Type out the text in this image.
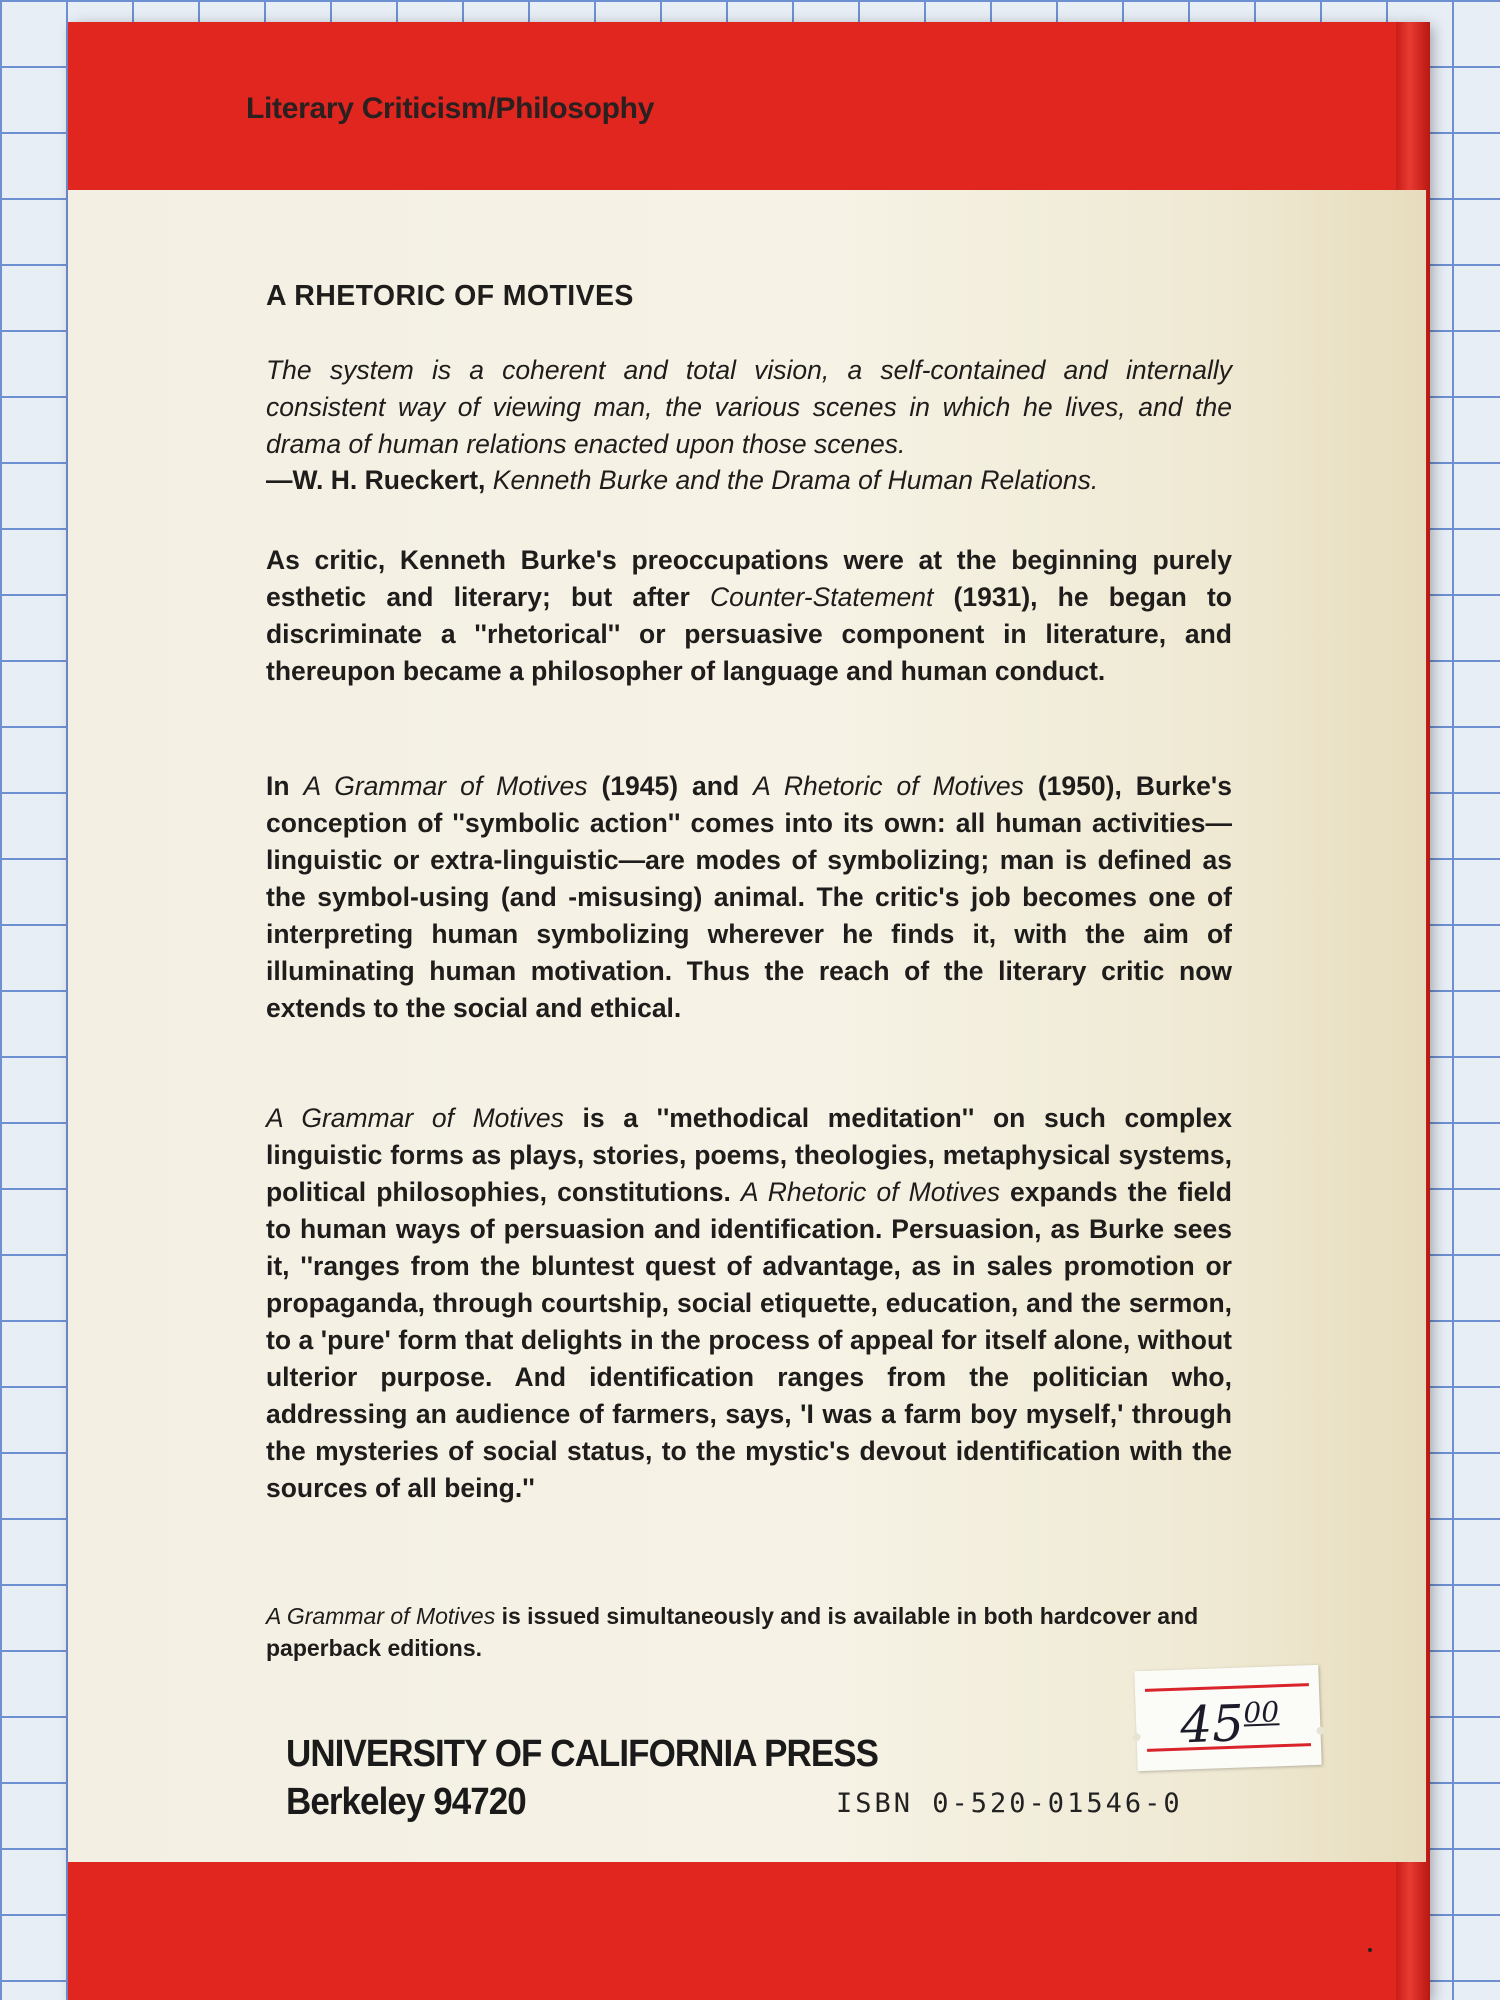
Literary Criticism/Philosophy
A RHETORIC OF MOTIVES
The system is a coherent and total vision, a self-contained and internally consistent way of viewing man, the various scenes in which he lives, and the drama of human relations enacted upon those scenes.
—W. H. Rueckert, Kenneth Burke and the Drama of Human Relations.
As critic, Kenneth Burke's preoccupations were at the beginning purely esthetic and literary; but after Counter-Statement (1931), he began to discriminate a ''rhetorical'' or persuasive component in literature, and thereupon became a philosopher of language and human conduct.
In A Grammar of Motives (1945) and A Rhetoric of Motives (1950), Burke's conception of ''symbolic action'' comes into its own: all human activities—linguistic or extra-linguistic—are modes of symbolizing; man is defined as the symbol-using (and -misusing) animal. The critic's job becomes one of interpreting human symbolizing wherever he finds it, with the aim of illuminating human motivation. Thus the reach of the literary critic now extends to the social and ethical.
A Grammar of Motives is a ''methodical meditation'' on such complex linguistic forms as plays, stories, poems, theologies, metaphysical systems, political philosophies, constitutions. A Rhetoric of Motives expands the field to human ways of persuasion and identification. Persuasion, as Burke sees it, ''ranges from the bluntest quest of advantage, as in sales promotion or propaganda, through courtship, social etiquette, education, and the sermon, to a 'pure' form that delights in the process of appeal for itself alone, without ulterior purpose. And identification ranges from the politician who, addressing an audience of farmers, says, 'I was a farm boy myself,' through the mysteries of social status, to the mystic's devout identification with the sources of all being.''
A Grammar of Motives is issued simultaneously and is available in both hardcover and paperback editions.
UNIVERSITY OF CALIFORNIA PRESS
Berkeley 94720	ISBN 0-520-01546-0
$45^{00}$
